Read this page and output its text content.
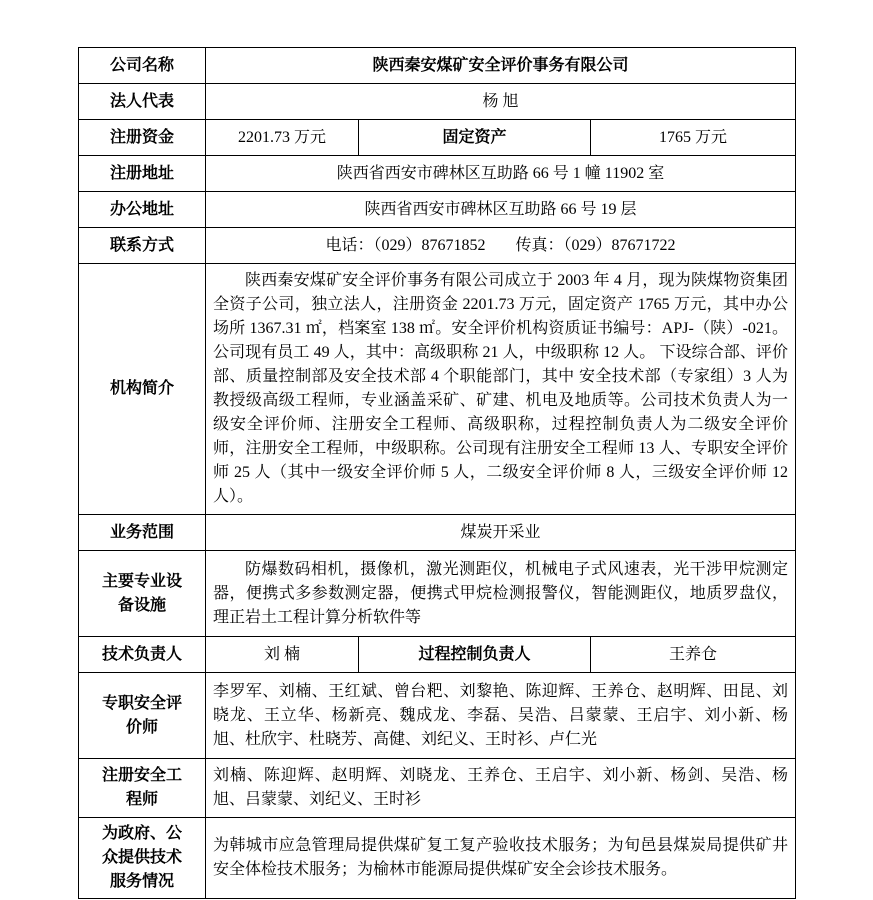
公司名称	陕西秦安煤矿安全评价事务有限公司		
法人代表	杨 旭		
注册资金	2201.73 万元	固定资产	1765 万元
注册地址	陕西省西安市碑林区互助路 66 号 1 幢 11902 室		
办公地址	陕西省西安市碑林区互助路 66 号 19 层		
联系方式	电话：（029）87671852 传真：（029）87671722		
机构简介	陕西秦安煤矿安全评价事务有限公司成立于 2003 年 4 月，现为陕煤物资集团全资子公司，独立法人，注册资金 2201.73 万元，固定资产 1765 万元，其中办公场所 1367.31 ㎡，档案室 138 ㎡。安全评价机构资质证书编号：APJ-（陕）-021。公司现有员工 49 人，其中：高级职称 21 人，中级职称 12 人。 下设综合部、评价部、质量控制部及安全技术部 4 个职能部门，其中 安全技术部（专家组）3 人为教授级高级工程师，专业涵盖采矿、矿建、机电及地质等。公司技术负责人为一级安全评价师、注册安全工程师、高级职称，过程控制负责人为二级安全评价师，注册安全工程师，中级职称。公司现有注册安全工程师 13 人、专职安全评价师 25 人（其中一级安全评价师 5 人，二级安全评价师 8 人，三级安全评价师 12 人）。		
业务范围	煤炭开采业		
主要专业设备设施	防爆数码相机，摄像机，激光测距仪，机械电子式风速表，光干涉甲烷测定器，便携式多参数测定器，便携式甲烷检测报警仪，智能测距仪，地质罗盘仪，理正岩土工程计算分析软件等		
技术负责人	刘 楠	过程控制负责人	王养仓
专职安全评价师	李罗军、刘楠、王红斌、曾台粑、刘黎艳、陈迎辉、王养仓、赵明辉、田昆、刘晓龙、王立华、杨新亮、魏成龙、李磊、吴浩、吕蒙蒙、王启宇、刘小新、杨旭、杜欣宇、杜晓芳、高健、刘纪义、王时衫、卢仁光		
注册安全工程师	刘楠、陈迎辉、赵明辉、刘晓龙、王养仓、王启宇、刘小新、杨剑、吴浩、杨旭、吕蒙蒙、刘纪义、王时衫		
为政府、公众提供技术服务情况	为韩城市应急管理局提供煤矿复工复产验收技术服务；为旬邑县煤炭局提供矿井安全体检技术服务；为榆林市能源局提供煤矿安全会诊技术服务。		
